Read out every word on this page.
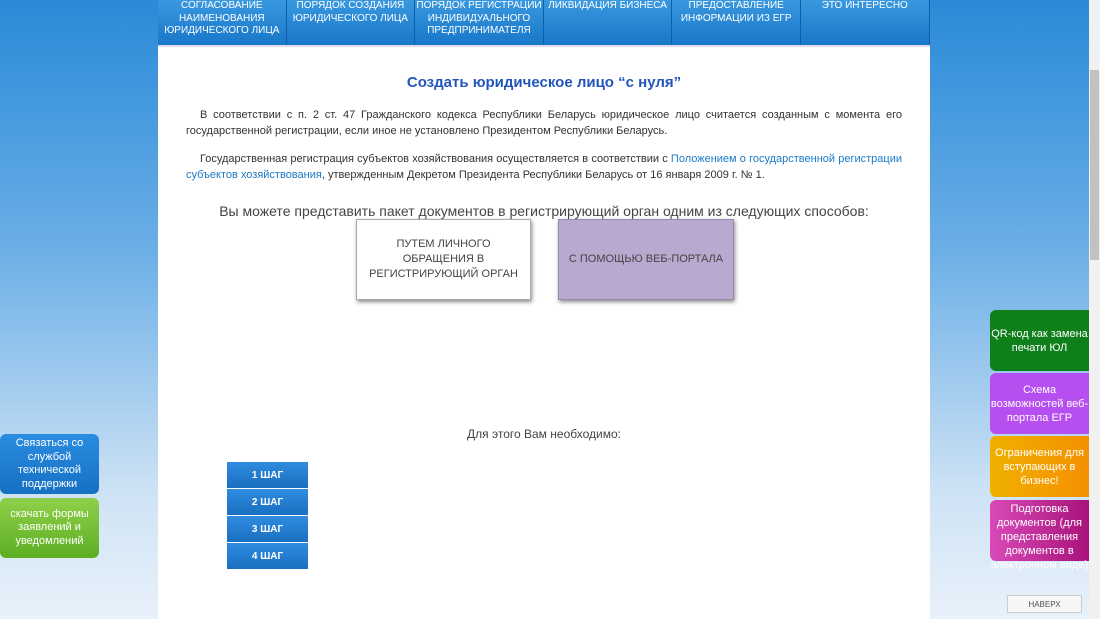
СОГЛАСОВАНИЕ НАИМЕНОВАНИЯ ЮРИДИЧЕСКОГО ЛИЦА
ПОРЯДОК СОЗДАНИЯ ЮРИДИЧЕСКОГО ЛИЦА
ПОРЯДОК РЕГИСТРАЦИИ ИНДИВИДУАЛЬНОГО ПРЕДПРИНИМАТЕЛЯ
ЛИКВИДАЦИЯ БИЗНЕСА	ПРЕДОСТАВЛЕНИЕ ИНФОРМАЦИИ ИЗ ЕГР
ЭТО ИНТЕРЕСНО
Создать юридическое лицо “с нуля”

В соответствии с п. 2 ст. 47 Гражданского кодекса Республики Беларусь юридическое лицо считается созданным с момента его государственной регистрации, если иное не установлено Президентом Республики Беларусь.

Государственная регистрация субъектов хозяйствования осуществляется в соответствии с Положением о государственной регистрации субъектов хозяйствования, утвержденным Декретом Президента Республики Беларусь от 16 января 2009 г. № 1.

Вы можете представить пакет документов в регистрирующий орган одним из следующих способов:
ПУТЕМ ЛИЧНОГО ОБРАЩЕНИЯ В РЕГИСТРИРУЮЩИЙ ОРГАН
С ПОМОЩЬЮ ВЕБ-ПОРТАЛА
Для этого Вам необходимо:
1 ШАГ
2 ШАГ
3 ШАГ
4 ШАГ
Связаться со службой технической поддержки
скачать формы заявлений и уведомлений
QR-код как замена печати ЮЛ
Схема возможностей веб-портала ЕГР
Ограничения для вступающих в бизнес!
Подготовка документов (для представления документов в электронном виде)
НАВЕРХ
